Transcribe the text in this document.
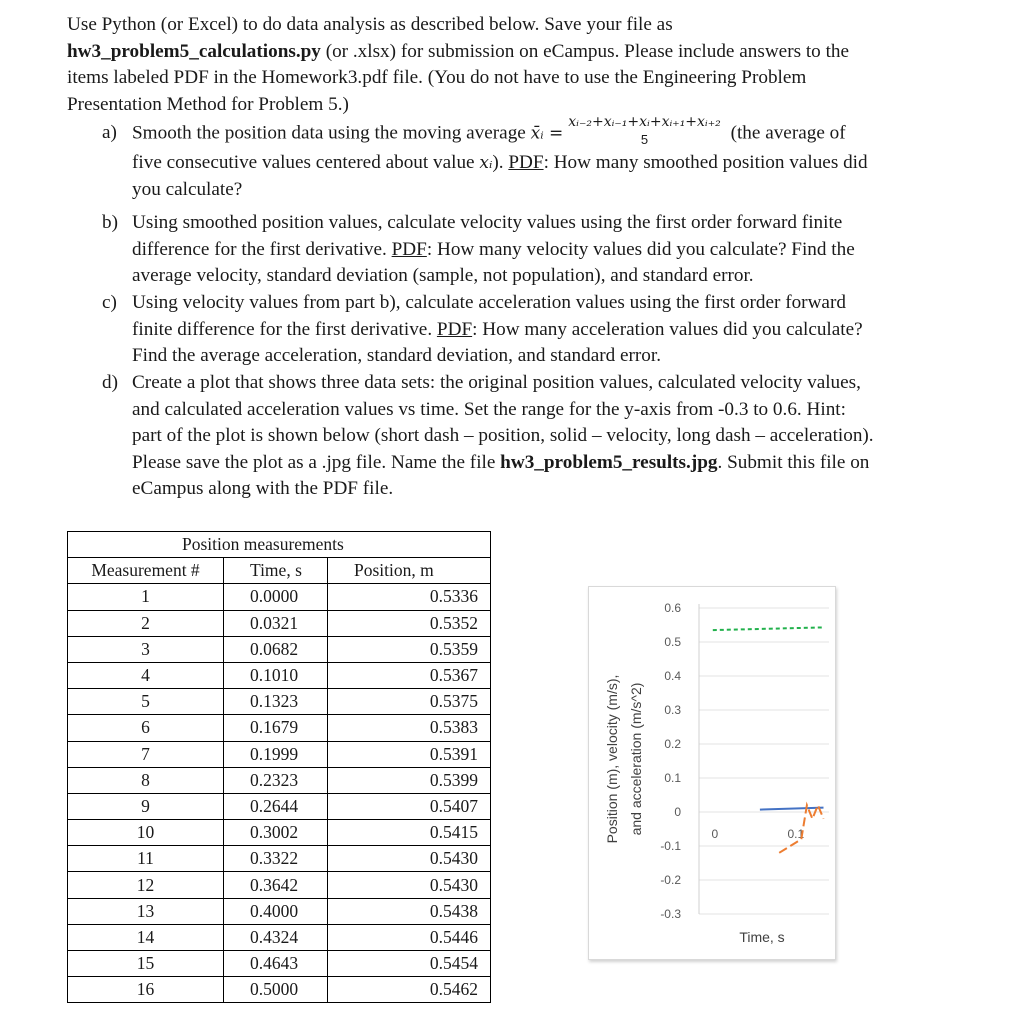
Use Python (or Excel) to do data analysis as described below. Save your file as
hw3_problem5_calculations.py (or .xlsx) for submission on eCampus. Please include answers to the
items labeled PDF in the Homework3.pdf file. (You do not have to use the Engineering Problem
Presentation Method for Problem 5.)
a) Smooth the position data using the moving average x̄ᵢ =
xᵢ₋₂+xᵢ₋₁+xᵢ+xᵢ₊₁+xᵢ₊₂
5	(the average of
five consecutive values centered about value xᵢ). PDF: How many smoothed position values did
you calculate?
b) Using smoothed position values, calculate velocity values using the first order forward finite
difference for the first derivative. PDF: How many velocity values did you calculate? Find the
average velocity, standard deviation (sample, not population), and standard error.
c) Using velocity values from part b), calculate acceleration values using the first order forward
finite difference for the first derivative. PDF: How many acceleration values did you calculate?
Find the average acceleration, standard deviation, and standard error.
d) Create a plot that shows three data sets: the original position values, calculated velocity values,
and calculated acceleration values vs time. Set the range for the y-axis from -0.3 to 0.6. Hint:
part of the plot is shown below (short dash – position, solid – velocity, long dash – acceleration).
Please save the plot as a .jpg file. Name the file hw3_problem5_results.jpg. Submit this file on
eCampus along with the PDF file.
Position measurements		
Measurement #	Time, s	Position, m
1	0.0000	0.5336
2	0.0321	0.5352
3	0.0682	0.5359
4	0.1010	0.5367
5	0.1323	0.5375
6	0.1679	0.5383
7	0.1999	0.5391
8	0.2323	0.5399
9	0.2644	0.5407
10	0.3002	0.5415
11	0.3322	0.5430
12	0.3642	0.5430
13	0.4000	0.5438
14	0.4324	0.5446
15	0.4643	0.5454
16	0.5000	0.5462
0.6
0.5
0.4
0.3
0.2
0.1
0
-0.1
-0.2
-0.3
0	0.1
Time, s
Position (m), velocity (m/s), and acceleration (m/s^2)
